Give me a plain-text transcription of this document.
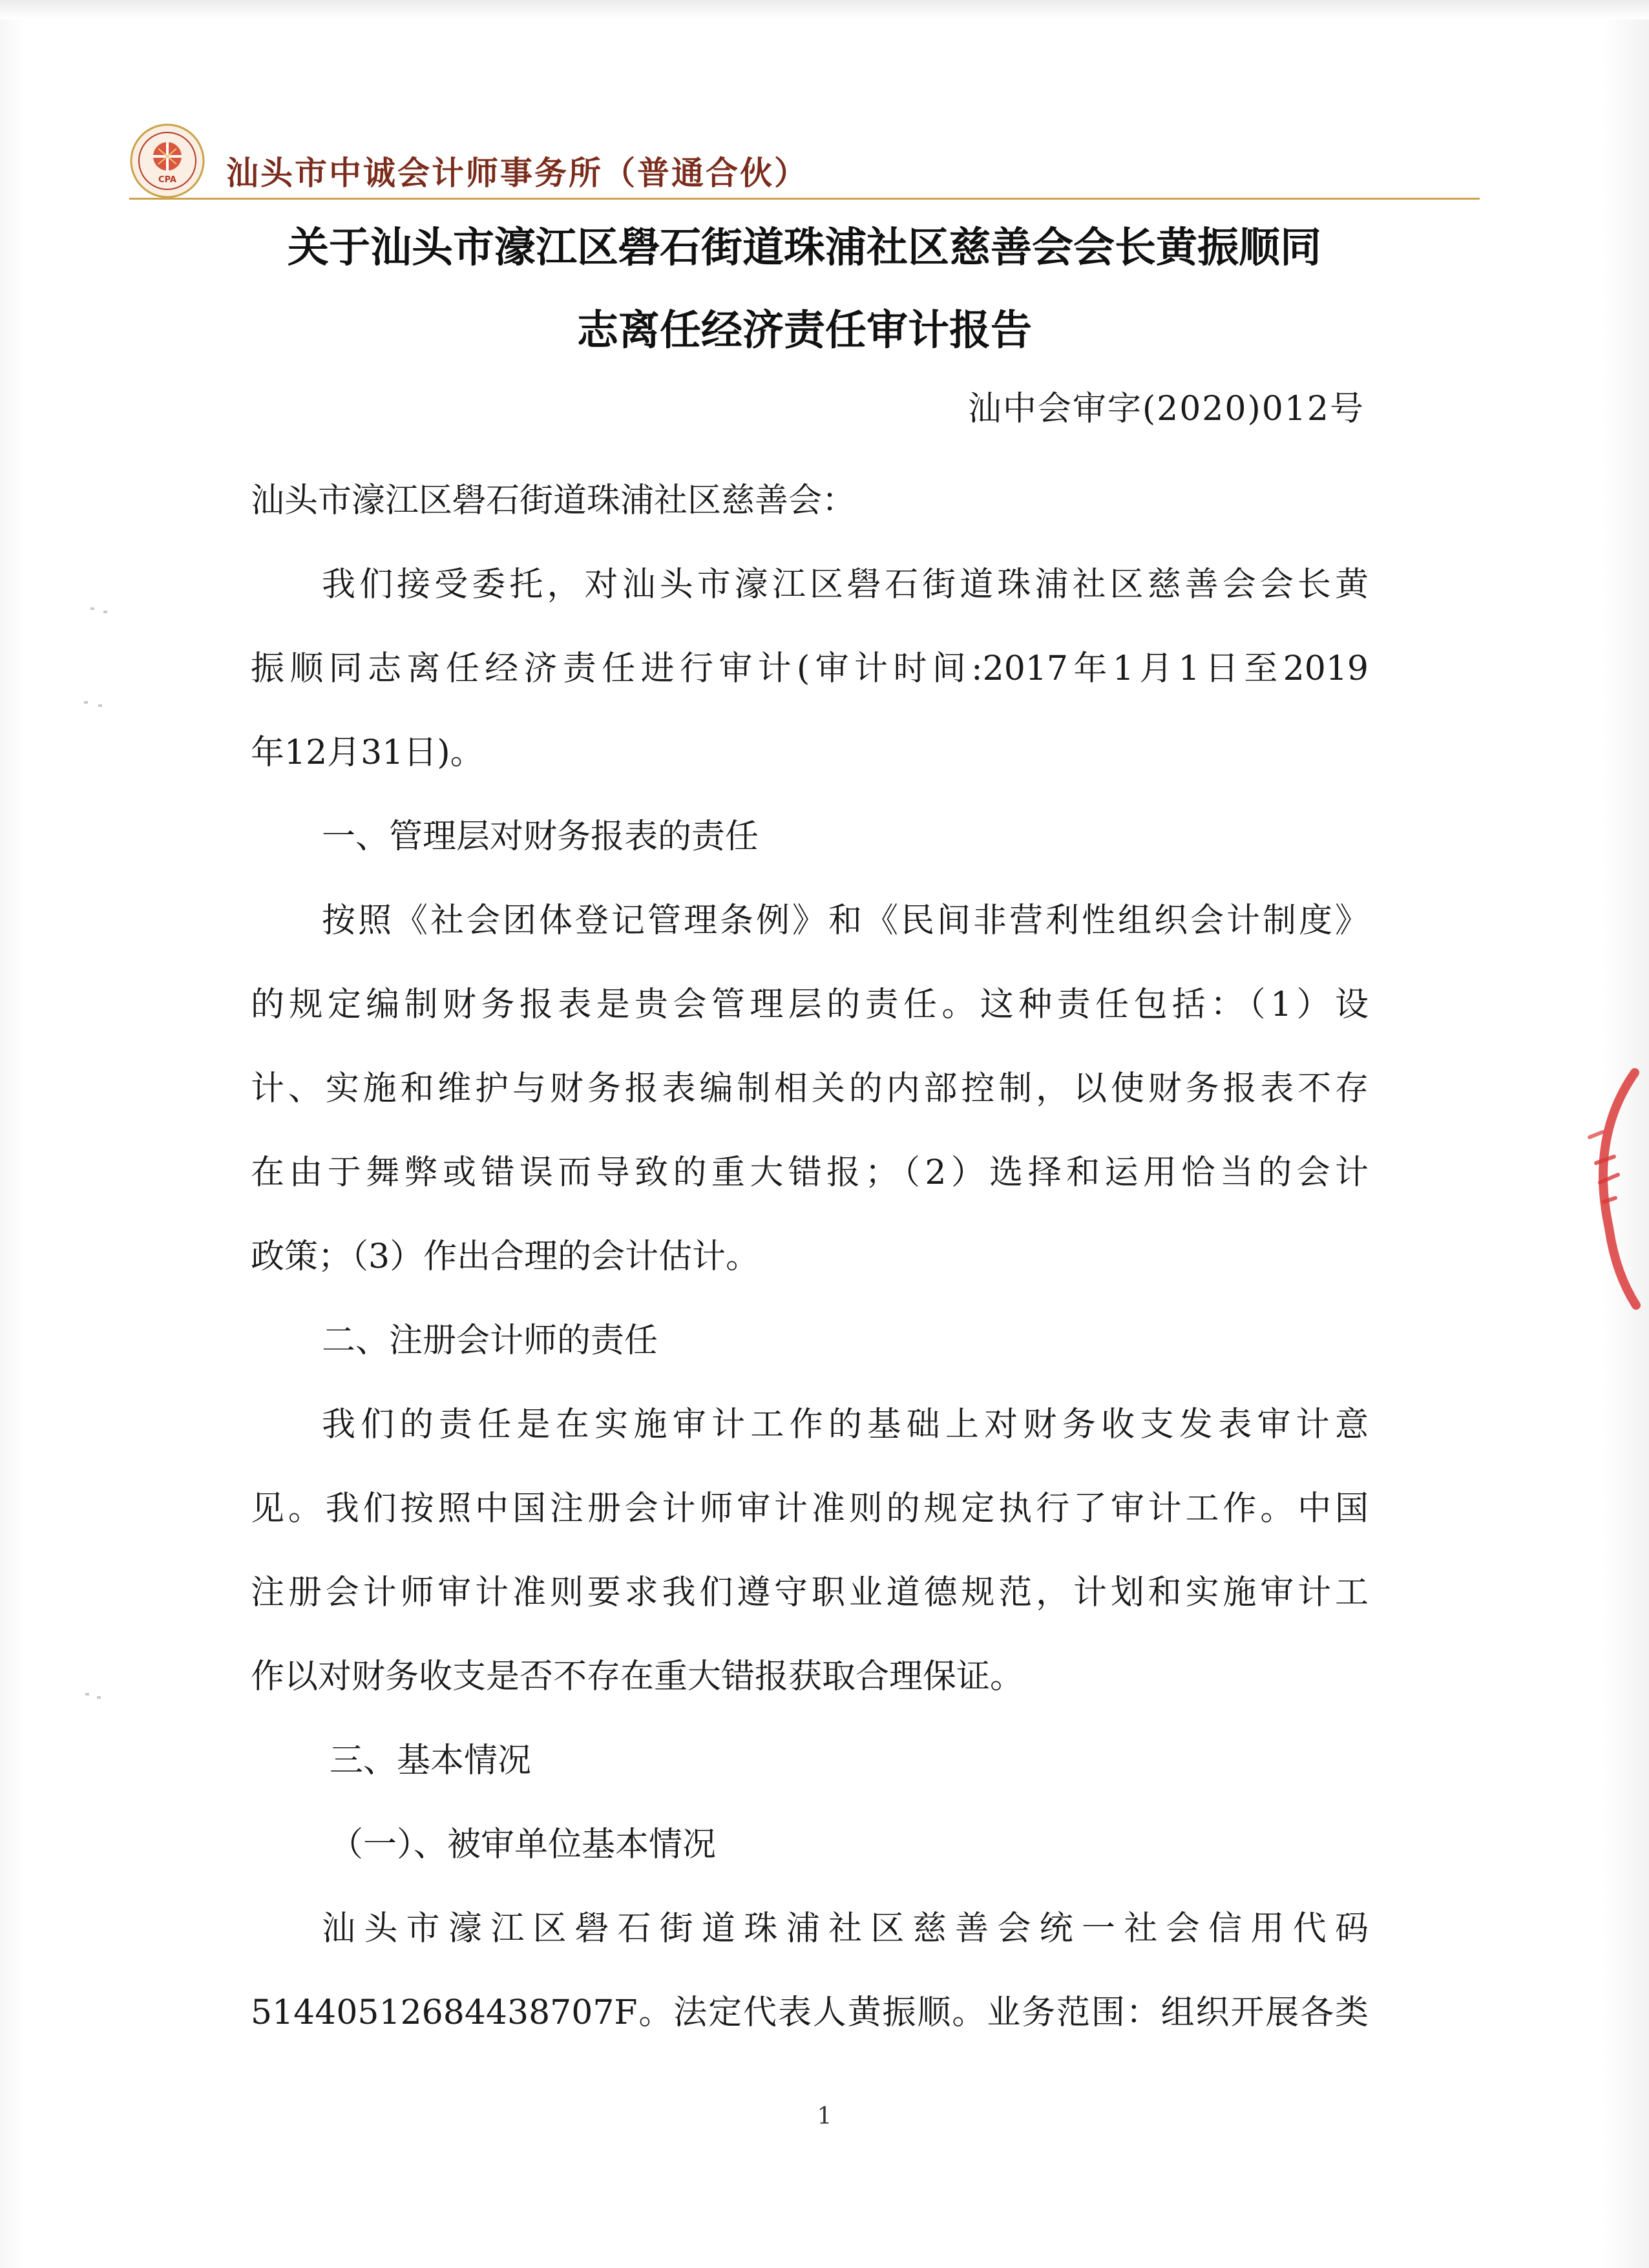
CPA 汕头市中诚会计师事务所（普通合伙）
关于汕头市濠江区礐石街道珠浦社区慈善会会长黄振顺同
志离任经济责任审计报告
汕中会审字(2020)012号
汕头市濠江区礐石街道珠浦社区慈善会：
我们接受委托，对汕头市濠江区礐石街道珠浦社区慈善会会长黄
振顺同志离任经济责任进行审计(审计时间:2017年1月1日至2019
年12月31日)。
一、管理层对财务报表的责任
按照《社会团体登记管理条例》和《民间非营利性组织会计制度》
的规定编制财务报表是贵会管理层的责任。这种责任包括：（1）设
计、实施和维护与财务报表编制相关的内部控制，以使财务报表不存
在由于舞弊或错误而导致的重大错报；（2）选择和运用恰当的会计
政策；（3）作出合理的会计估计。
二、注册会计师的责任
我们的责任是在实施审计工作的基础上对财务收支发表审计意
见。我们按照中国注册会计师审计准则的规定执行了审计工作。中国
注册会计师审计准则要求我们遵守职业道德规范，计划和实施审计工
作以对财务收支是否不存在重大错报获取合理保证。
三、基本情况
（一）、被审单位基本情况
汕头市濠江区礐石街道珠浦社区慈善会统一社会信用代码
51440512684438707F。法定代表人黄振顺。业务范围：组织开展各类
1
